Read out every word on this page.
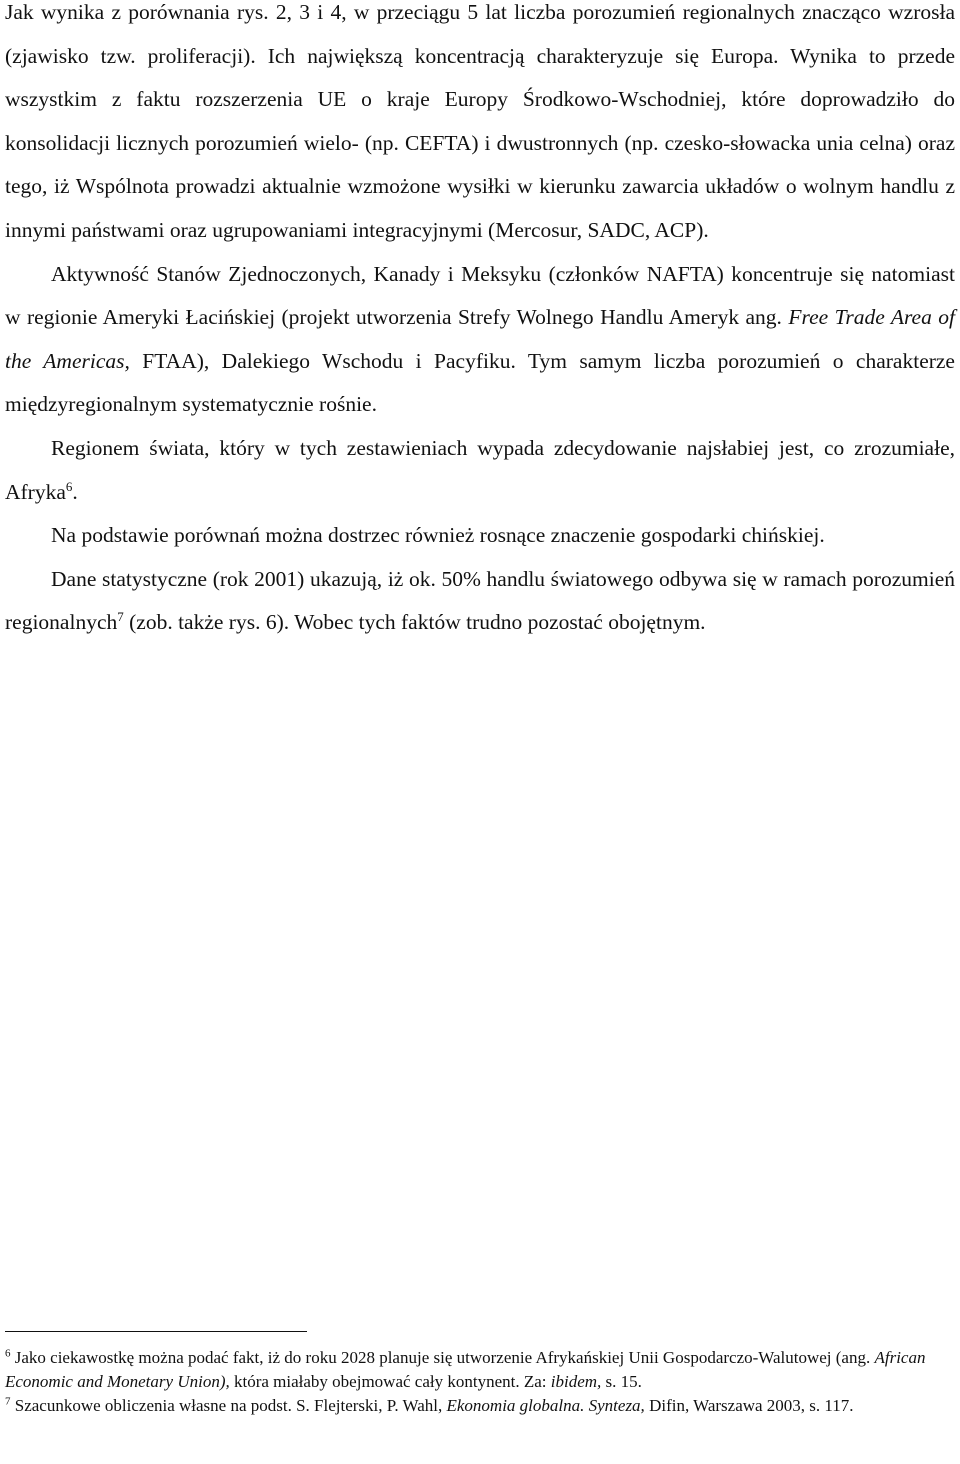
Jak wynika z porównania rys. 2, 3 i 4, w przeciągu 5 lat liczba porozumień regionalnych znacząco wzrosła (zjawisko tzw. proliferacji). Ich największą koncentracją charakteryzuje się Europa. Wynika to przede wszystkim z faktu rozszerzenia UE o kraje Europy Środkowo-Wschodniej, które doprowadziło do konsolidacji licznych porozumień wielo- (np. CEFTA) i dwustronnych (np. czesko-słowacka unia celna) oraz tego, iż Wspólnota prowadzi aktualnie wzmożone wysiłki w kierunku zawarcia układów o wolnym handlu z innymi państwami oraz ugrupowaniami integracyjnymi (Mercosur, SADC, ACP).

Aktywność Stanów Zjednoczonych, Kanady i Meksyku (członków NAFTA) koncentruje się natomiast w regionie Ameryki Łacińskiej (projekt utworzenia Strefy Wolnego Handlu Ameryk ang. Free Trade Area of the Americas, FTAA), Dalekiego Wschodu i Pacyfiku. Tym samym liczba porozumień o charakterze międzyregionalnym systematycznie rośnie.

Regionem świata, który w tych zestawieniach wypada zdecydowanie najsłabiej jest, co zrozumiałe, Afryka$^6$.

Na podstawie porównań można dostrzec również rosnące znaczenie gospodarki chińskiej.

Dane statystyczne (rok 2001) ukazują, iż ok. 50% handlu światowego odbywa się w ramach porozumień regionalnych$^7$ (zob. także rys. 6). Wobec tych faktów trudno pozostać obojętnym.

$^6$ Jako ciekawostkę można podać fakt, iż do roku 2028 planuje się utworzenie Afrykańskiej Unii Gospodarczo-Walutowej (ang. African Economic and Monetary Union), która miałaby obejmować cały kontynent. Za: ibidem, s. 15.

$^7$ Szacunkowe obliczenia własne na podst. S. Flejterski, P. Wahl, Ekonomia globalna. Synteza, Difin, Warszawa 2003, s. 117.
